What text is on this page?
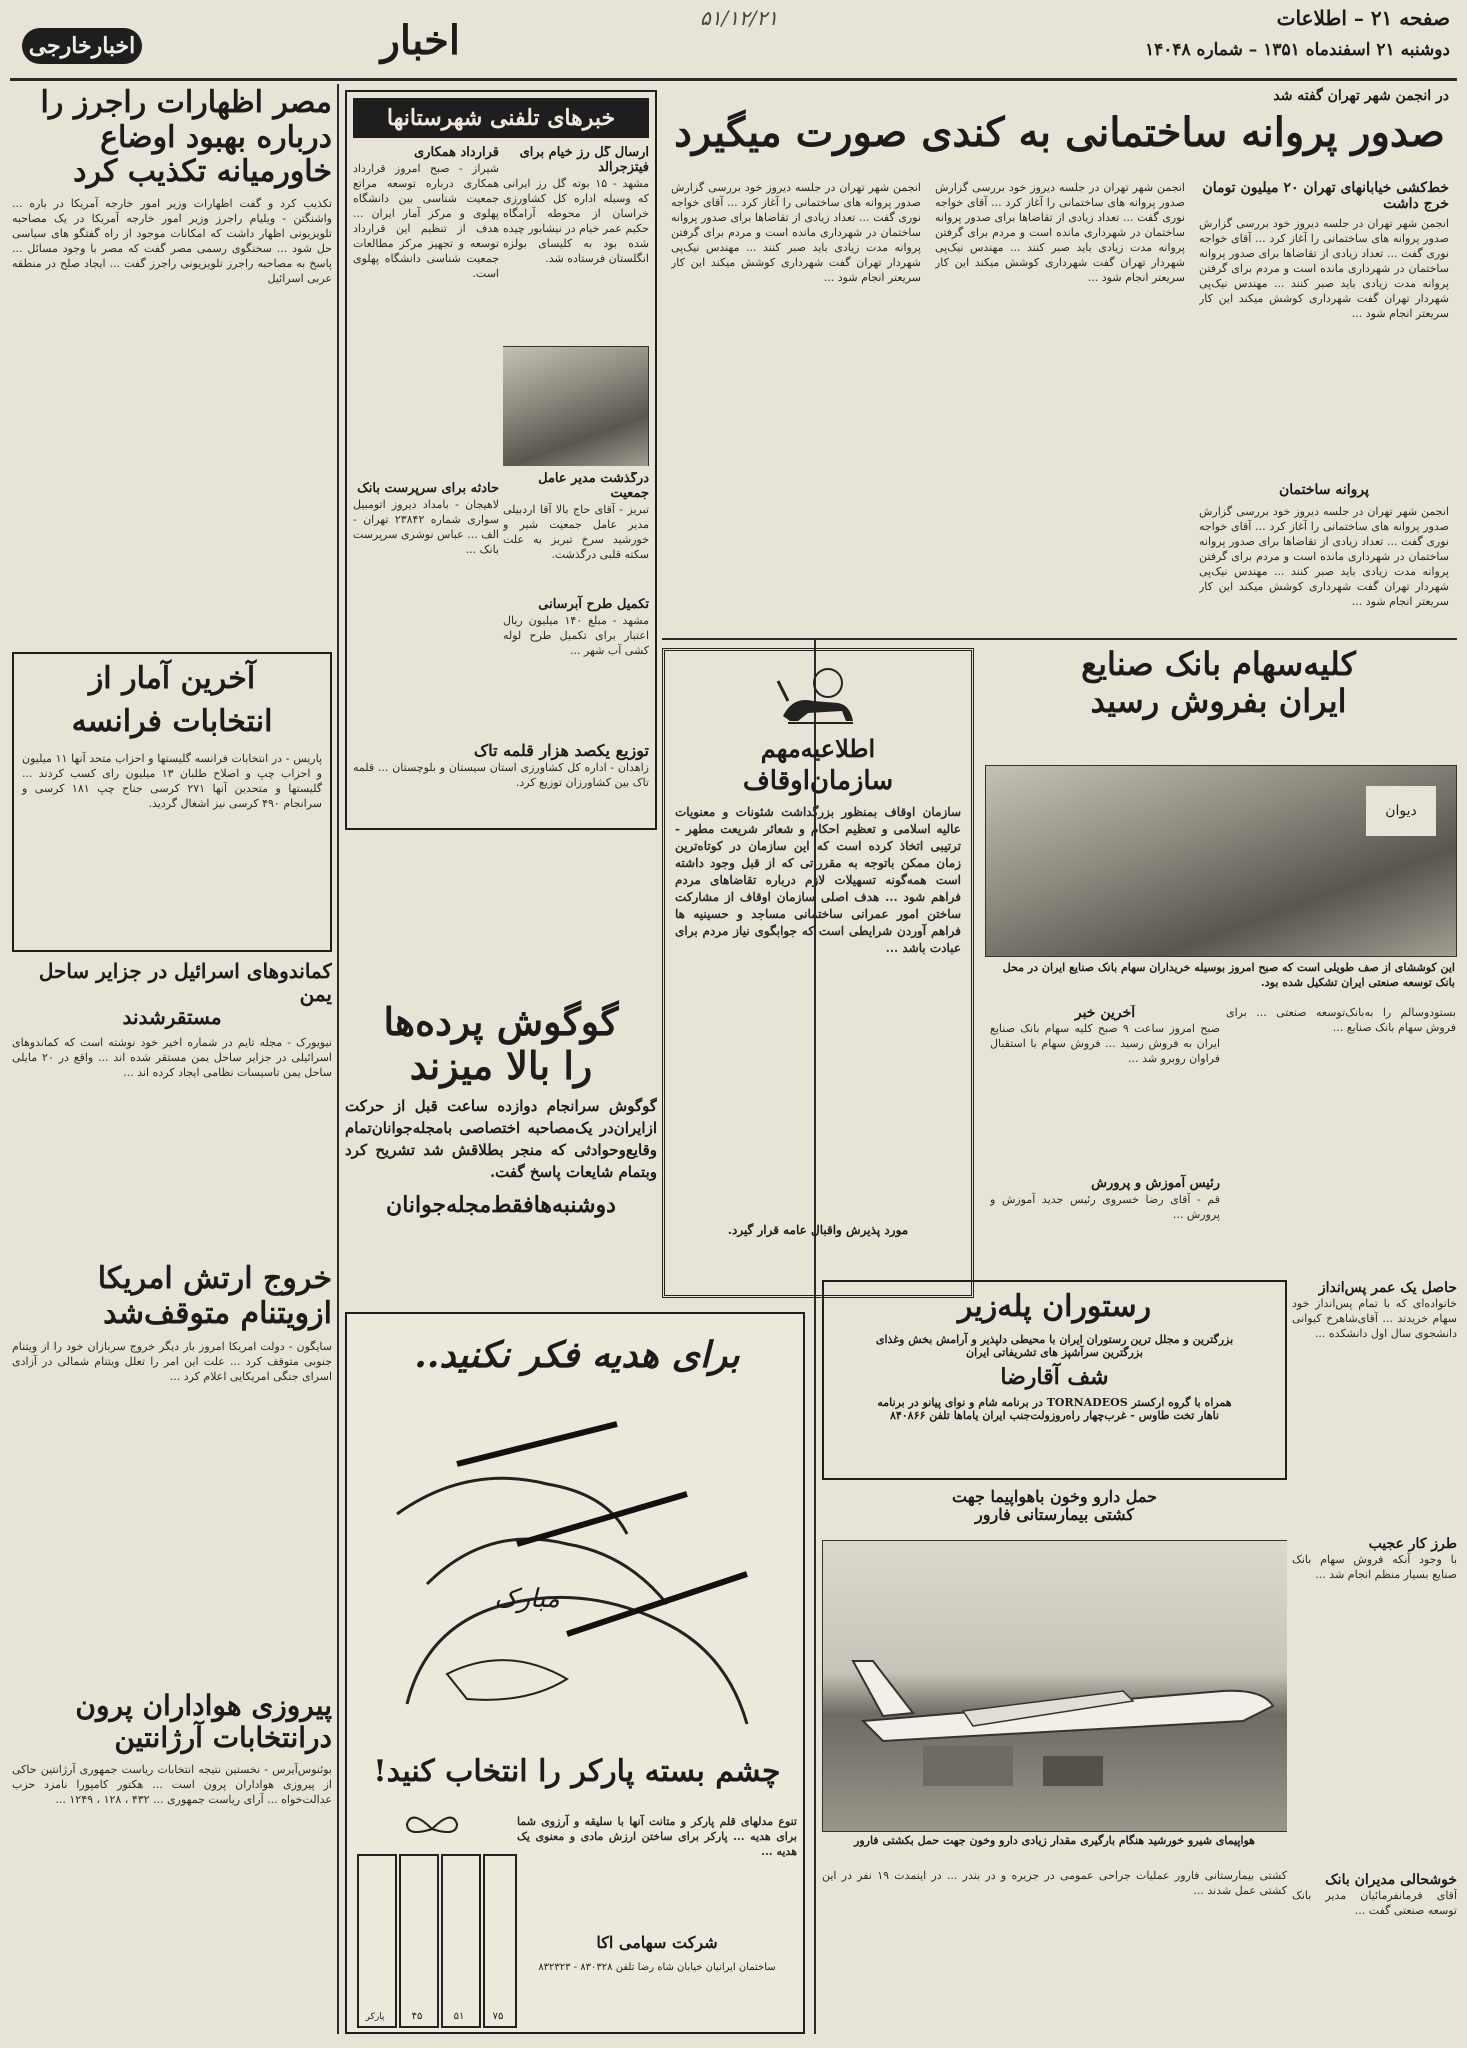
اخبارخارجی	اخبار	۵۱/۱۲/۲۱	صفحه ۲۱ – اطلاعات
دوشنبه ۲۱ اسفندماه ۱۳۵۱ – شماره ۱۴۰۴۸
مصر اظهارات راجرز را
درباره بهبود اوضاع
خاورمیانه تکذیب کرد
تکذیب کرد و گفت اظهارات وزیر امور خارجه آمریکا در باره ... واشنگتن - ویلیام راجرز وزیر امور خارجه آمریکا در یک مصاحبه تلویزیونی اظهار داشت که امکانات موجود از راه گفتگو های سیاسی حل شود ... سخنگوی رسمی مصر گفت که مصر با وجود مسائل ... پاسخ به مصاحبه راجرز تلویزیونی راجرز گفت ... ایجاد صلح در منطقه عربی اسرائیل
آخرین آمار از
انتخابات فرانسه
پاریس - در انتخابات فرانسه گلیستها و احزاب متحد آنها ۱۱ میلیون و احزاب چپ و اصلاح طلبان ۱۳ میلیون رای کسب کردند ... گلیستها و متحدین آنها ۲۷۱ کرسی جناح چپ ۱۸۱ کرسی و سرانجام ۴۹۰ کرسی نیز اشغال گردید.
کماندوهای اسرائیل در جزایر ساحل یمن
مستقرشدند
نیویورک - مجله تایم در شماره اخیر خود نوشته است که کماندوهای اسرائیلی در جزایر ساحل یمن مستقر شده اند ... واقع در ۲۰ مایلی ساحل یمن تاسیسات نظامی ایجاد کرده اند ...
خروج ارتش امریکا
ازویتنام متوقف‌شد
سایگون - دولت امریکا امروز بار دیگر خروج سربازان خود را از ویتنام جنوبی متوقف کرد ... علت این امر را تعلل ویتنام شمالی در آزادی اسرای جنگی امریکایی اعلام کرد ...
پیروزی هواداران پرون
درانتخابات آرژانتین
بوئنوس‌آیرس - نخستین نتیجه انتخابات ریاست جمهوری آرژانتین حاکی از پیروزی هواداران پرون است ... هکتور کامپورا نامزد حزب عدالت‌خواه ... آرای ریاست جمهوری ... ۴۳۲ ، ۱۲۸ ، ۱۲۴۹ ...
خبرهای تلفنی شهرستانها
ارسال گل رز خیام برای فیتزجرالد
مشهد - ۱۵ بوته گل رز ایرانی که وسیله اداره کل کشاورزی خراسان از محوطه آرامگاه حکیم عمر خیام در نیشابور چیده شده بود به کلیسای بولزه انگلستان فرستاده شد.
قرارداد همکاری
شیراز - صبح امروز قرارداد همکاری درباره توسعه مراتع جمعیت شناسی بین دانشگاه پهلوی و مرکز آمار ایران ... هدف از تنظیم این قرارداد توسعه و تجهیز مرکز مطالعات جمعیت شناسی دانشگاه پهلوی است.
درگذشت مدیر عامل جمعیت
تبریز - آقای حاج بالا آقا اردبیلی مدیر عامل جمعیت شیر و خورشید سرخ تبریز به علت سکته قلبی درگذشت.
تکمیل طرح آبرسانی
مشهد - مبلغ ۱۴۰ میلیون ریال اعتبار برای تکمیل طرح لوله کشی آب شهر ...
حادثه برای سرپرست بانک
لاهیجان - بامداد دیروز اتومبیل سواری شماره ۲۳۸۴۲ تهران - الف ... عباس نوشری سرپرست بانک ...
توزیع یکصد هزار قلمه تاک
زاهدان - اداره کل کشاورزی استان سیستان و بلوچستان ... قلمه تاک بین کشاورزان توزیع کرد.
در انجمن شهر تهران گفته شد
صدور پروانه ساختمانی به کندی صورت میگیرد
خط‌کشی خیابانهای تهران ۲۰ میلیون تومان خرج داشت
انجمن شهر تهران در جلسه دیروز خود بررسی گزارش صدور پروانه های ساختمانی را آغاز کرد ... آقای خواجه نوری گفت ... تعداد زیادی از تقاضاها برای صدور پروانه ساختمان در شهرداری مانده است و مردم برای گرفتن پروانه مدت زیادی باید صبر کنند ... مهندس نیک‌پی شهردار تهران گفت شهرداری کوشش میکند این کار سریعتر انجام شود ...
پروانه ساختمان
انجمن شهر تهران در جلسه دیروز خود بررسی گزارش صدور پروانه های ساختمانی را آغاز کرد ... آقای خواجه نوری گفت ... تعداد زیادی از تقاضاها برای صدور پروانه ساختمان در شهرداری مانده است و مردم برای گرفتن پروانه مدت زیادی باید صبر کنند ... مهندس نیک‌پی شهردار تهران گفت شهرداری کوشش میکند این کار سریعتر انجام شود ...
انجمن شهر تهران در جلسه دیروز خود بررسی گزارش صدور پروانه های ساختمانی را آغاز کرد ... آقای خواجه نوری گفت ... تعداد زیادی از تقاضاها برای صدور پروانه ساختمان در شهرداری مانده است و مردم برای گرفتن پروانه مدت زیادی باید صبر کنند ... مهندس نیک‌پی شهردار تهران گفت شهرداری کوشش میکند این کار سریعتر انجام شود ...
انجمن شهر تهران در جلسه دیروز خود بررسی گزارش صدور پروانه های ساختمانی را آغاز کرد ... آقای خواجه نوری گفت ... تعداد زیادی از تقاضاها برای صدور پروانه ساختمان در شهرداری مانده است و مردم برای گرفتن پروانه مدت زیادی باید صبر کنند ... مهندس نیک‌پی شهردار تهران گفت شهرداری کوشش میکند این کار سریعتر انجام شود ...
کلیه‌سهام بانک صنایع
ایران بفروش رسید
دیوان
این کوششای از صف طویلی است که صبح امروز بوسیله خریداران سهام بانک صنایع ایران در محل بانک توسعه صنعتی ایران تشکیل شده بود.
آخرین خبر
صبح امروز ساعت ۹ صبح کلیه سهام بانک صنایع ایران به فروش رسید ... فروش سهام با استقبال فراوان روبرو شد ...
رئیس آموزش و پرورش
قم - آقای رضا خسروی رئیس جدید آموزش و پرورش ...
بستودوسالم را به‌بانک‌توسعه صنعتی ... برای فروش سهام بانک صنایع ...
حاصل یک عمر پس‌انداز
خانواده‌ای که با تمام پس‌انداز خود سهام خریدند ... آقای‌شاهرخ کیوانی دانشجوی سال اول دانشکده ...
طرز کار عجیب
با وجود آنکه فروش سهام بانک صنایع بسیار منظم انجام شد ...
خوشحالی مدیران بانک
آقای فرمانفرمائیان مدیر بانک توسعه صنعتی گفت ...
اطلاعیه‌مهم
سازمان‌اوقاف
سازمان اوقاف بمنظور بزرگداشت شئونات و معنویات عالیه اسلامی و تعظیم احکام و شعائر شریعت مطهر - ترتیبی اتخاذ کرده است که این سازمان در کوتاه‌ترین زمان ممکن باتوجه به مقرراتی که از قبل وجود داشته است همه‌گونه تسهیلات لازم درباره تقاضاهای مردم فراهم شود ... هدف اصلی سازمان اوقاف از مشارکت ساختن امور عمرانی ساختمانی مساجد و حسینیه ها فراهم آوردن شرایطی است که جوابگوی نیاز مردم برای عبادت باشد ...
مورد پذیرش واقبال عامه قرار گیرد.
گوگوش پرده‌ها
را بالا میزند
گوگوش سرانجام دوازده ساعت قبل از حرکت ازایران‌در یک‌مصاحبه اختصاصی بامجله‌جوانان‌تمام وقایع‌وحوادثی که منجر بطلاقش شد تشریح کرد وبتمام شایعات پاسخ گفت.
دوشنبه‌هافقط‌مجله‌جوانان
برای هدیه فکر نکنید..
مبارک
چشم بسته پارکر را انتخاب کنید!
تنوع مدلهای قلم پارکر و متانت آنها با سلیقه و آرزوی شما برای هدیه ... پارکر برای ساختن ارزش مادی و معنوی یک هدیه ...
شرکت سهامی اکا
ساختمان ایرانیان خیابان شاه رضا تلفن ۸۳۰۳۲۸ - ۸۳۲۳۲۳
پارکر	۴۵	۵۱	۷۵
رستوران پله‌زیر
بزرگترین و مجلل ترین رستوران ایران با محیطی دلپذیر و آرامش بخش وغذای
بزرگترین سرآشپز های تشریفاتی ایران
شف آقارضا
همراه با گروه ارکستر TORNADEOS در برنامه شام و نوای پیانو در برنامه
ناهار تخت طاوس - غرب‌چهار راه‌روزولت‌جنب ایران یاماها تلفن ۸۴۰۸۶۶
حمل دارو وخون باهواپیما جهت
کشتی بیمارستانی فارور
هواپیمای شیرو خورشید هنگام بارگیری مقدار زیادی دارو وخون جهت حمل بکشتی فارور
کشتی بیمارستانی فارور عملیات جراحی عمومی در جزیره و در بندر ... در اینمدت ۱۹ نفر در این کشتی عمل شدند ...
